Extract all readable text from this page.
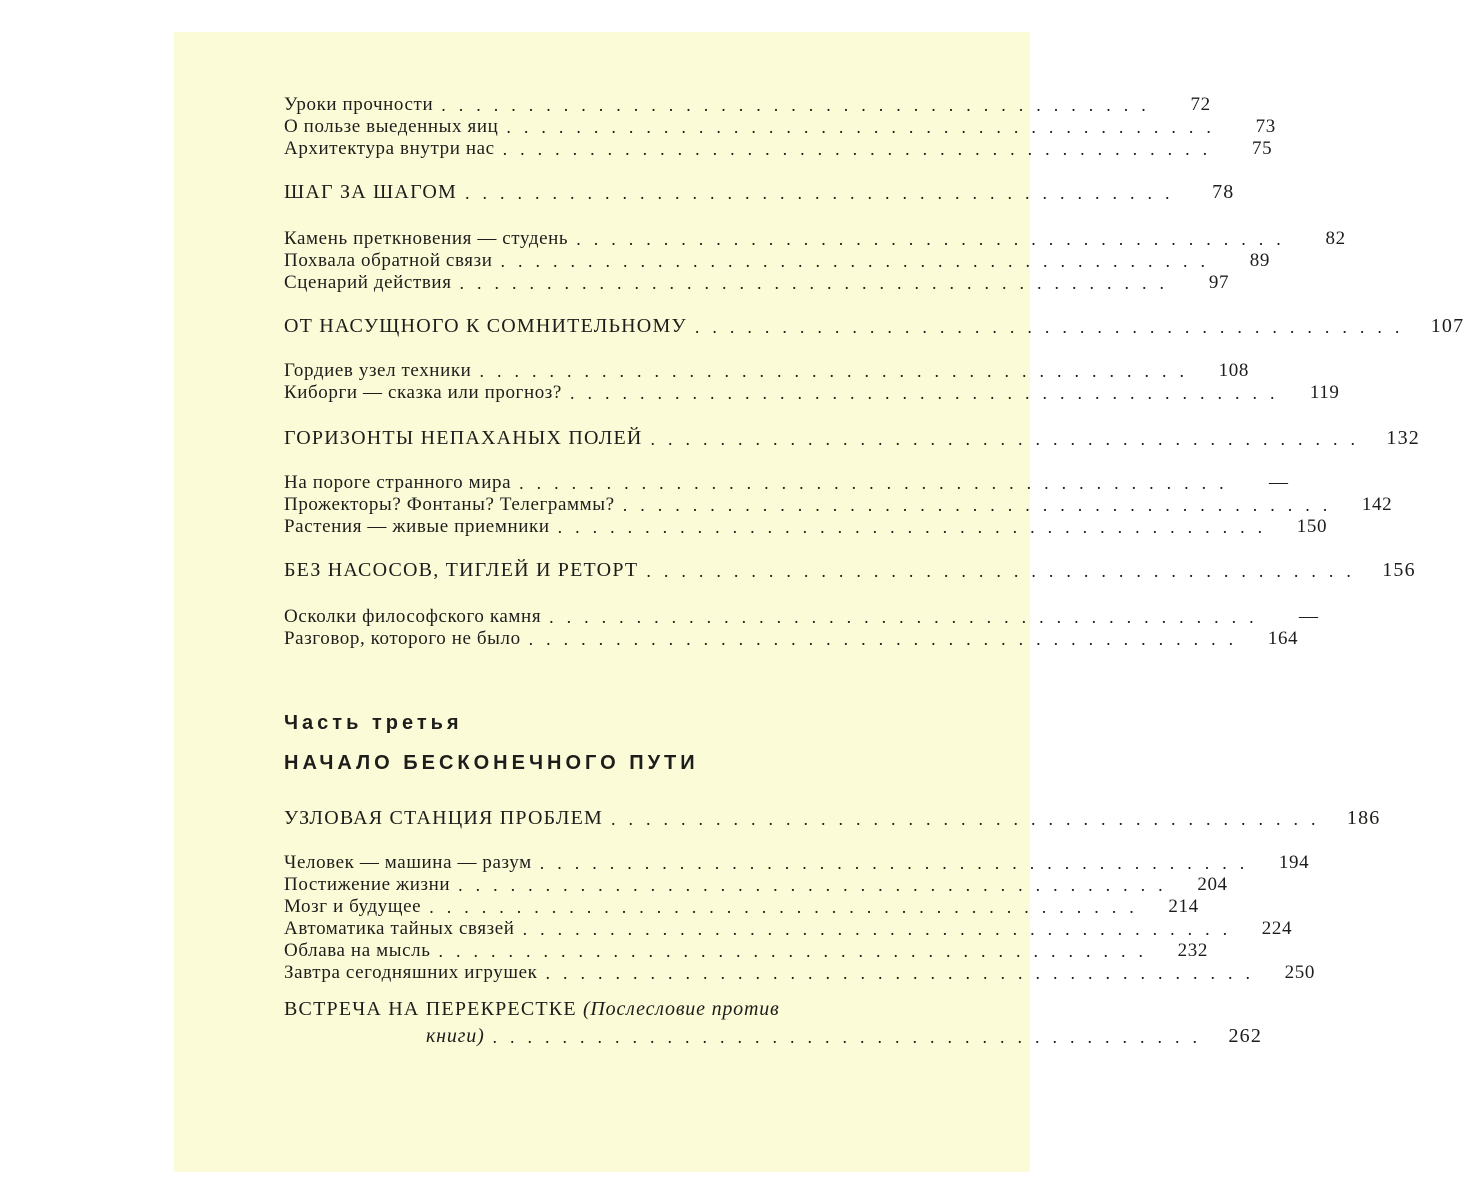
Уроки прочности .........................................	72
О пользе выеденных яиц .........................................	73
Архитектура внутри нас .........................................	75
ШАГ ЗА ШАГОМ .........................................	78
Камень преткновения — студень .........................................	82
Похвала обратной связи .........................................	89
Сценарий действия .........................................	97
ОТ НАСУЩНОГО К СОМНИТЕЛЬНОМУ ......................................... 107
Гордиев узел техники .........................................	108
Киборги — сказка или прогноз? .........................................	119
ГОРИЗОНТЫ НЕПАХАНЫХ ПОЛЕЙ ......................................... 132
На пороге странного мира .........................................	—
Прожекторы? Фонтаны? Телеграммы? .........................................	142
Растения — живые приемники .........................................	150
БЕЗ НАСОСОВ, ТИГЛЕЙ И РЕТОРТ ......................................... 156
Осколки философского камня .........................................	—
Разговор, которого не было .........................................	164
Часть третья
НАЧАЛО БЕСКОНЕЧНОГО ПУТИ
УЗЛОВАЯ СТАНЦИЯ ПРОБЛЕМ ......................................... 186
Человек — машина — разум .........................................	194
Постижение жизни .........................................	204
Мозг и будущее .........................................	214
Автоматика тайных связей .........................................	224
Облава на мысль .........................................	232
Завтра сегодняшних игрушек .........................................	250
ВСТРЕЧА НА ПЕРЕКРЕСТКЕ (Послесловие против
книги) ......................................... 262
